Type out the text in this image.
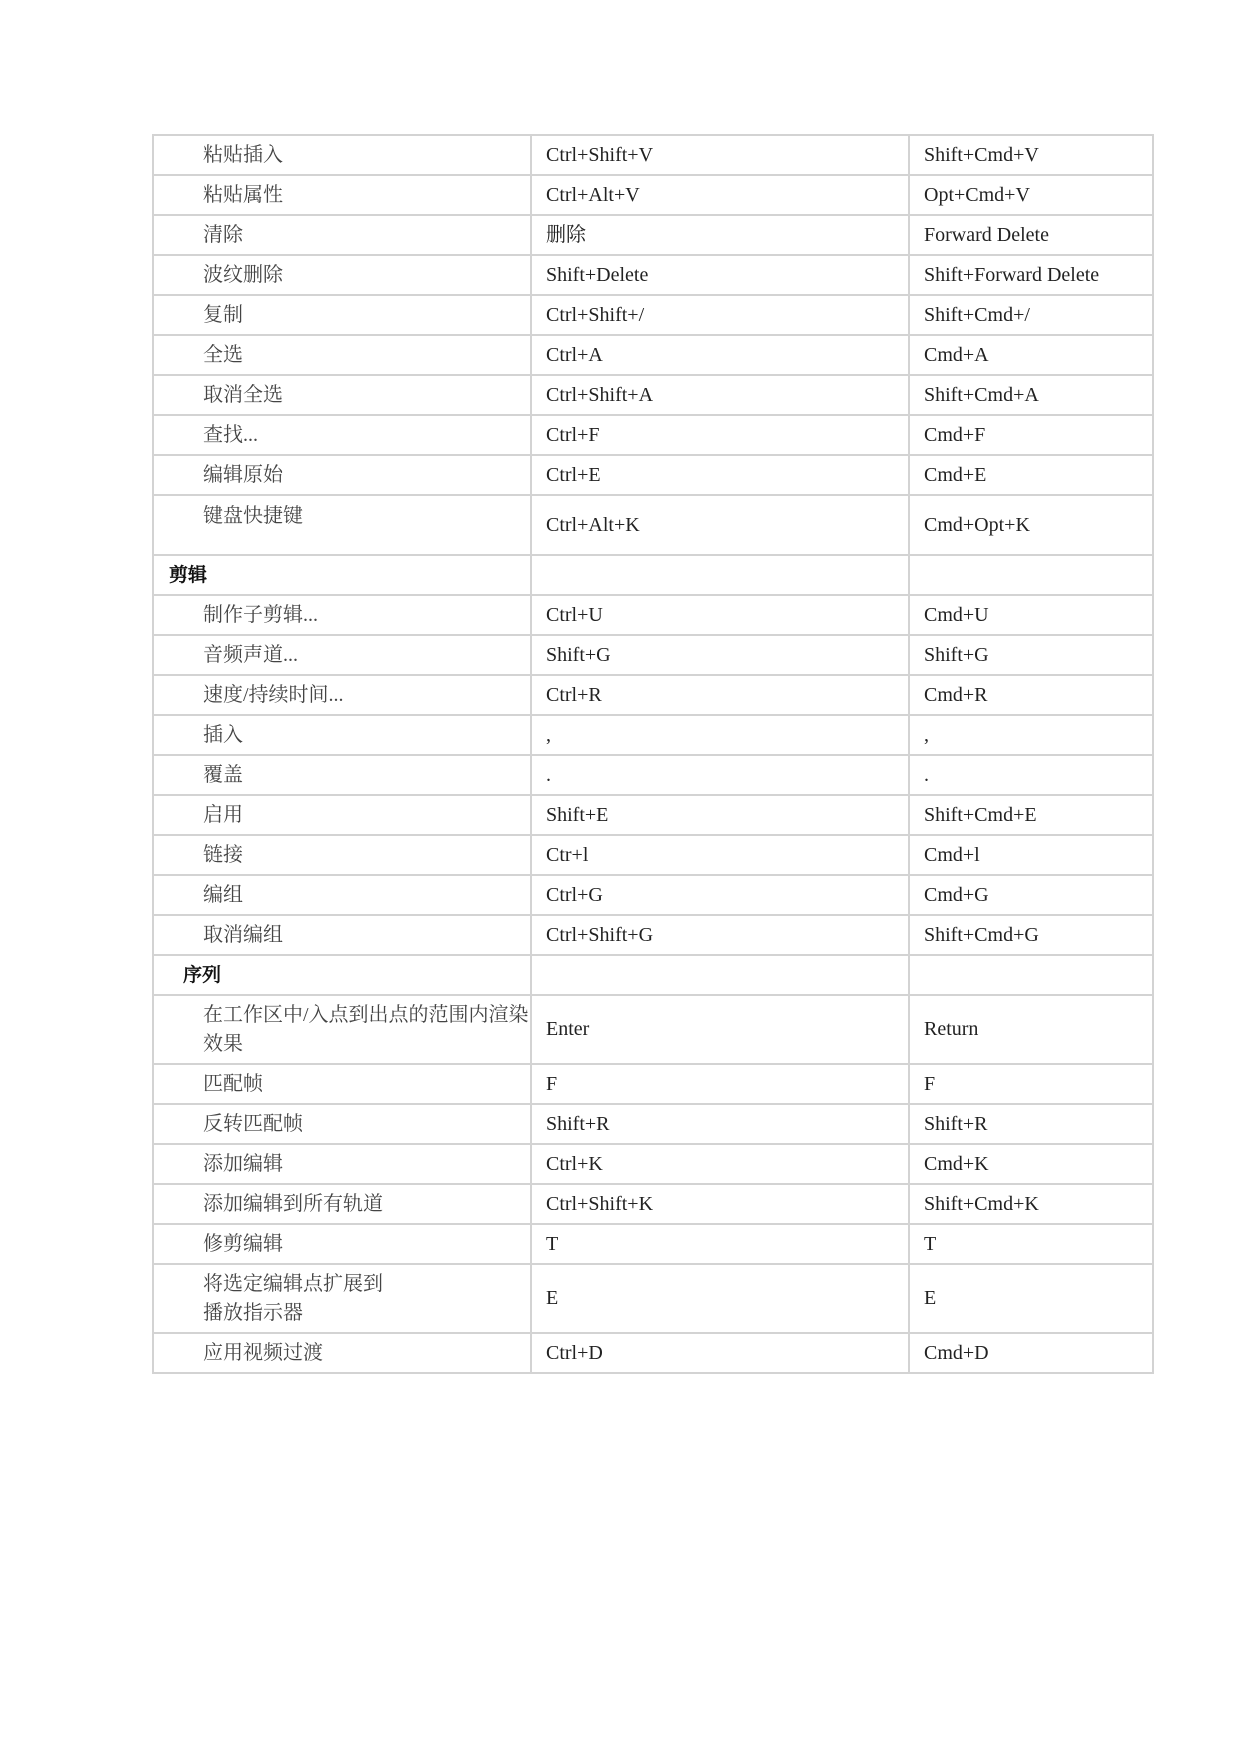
粘贴插入	Ctrl+Shift+V	Shift+Cmd+V
粘贴属性	Ctrl+Alt+V	Opt+Cmd+V
清除	删除	Forward Delete
波纹删除	Shift+Delete	Shift+Forward Delete
复制	Ctrl+Shift+/	Shift+Cmd+/
全选	Ctrl+A	Cmd+A
取消全选	Ctrl+Shift+A	Shift+Cmd+A
查找...	Ctrl+F	Cmd+F
编辑原始	Ctrl+E	Cmd+E
键盘快捷键	Ctrl+Alt+K	Cmd+Opt+K
剪辑		
制作子剪辑...	Ctrl+U	Cmd+U
音频声道...	Shift+G	Shift+G
速度/持续时间...	Ctrl+R	Cmd+R
插入	,	,
覆盖	.	.
启用	Shift+E	Shift+Cmd+E
链接	Ctr+l	Cmd+l
编组	Ctrl+G	Cmd+G
取消编组	Ctrl+Shift+G	Shift+Cmd+G
序列		
在工作区中/入点到出点的范围内渲染效果	Enter	Return
匹配帧	F	F
反转匹配帧	Shift+R	Shift+R
添加编辑	Ctrl+K	Cmd+K
添加编辑到所有轨道	Ctrl+Shift+K	Shift+Cmd+K
修剪编辑	T	T
将选定编辑点扩展到播放指示器	E	E
应用视频过渡	Ctrl+D	Cmd+D
